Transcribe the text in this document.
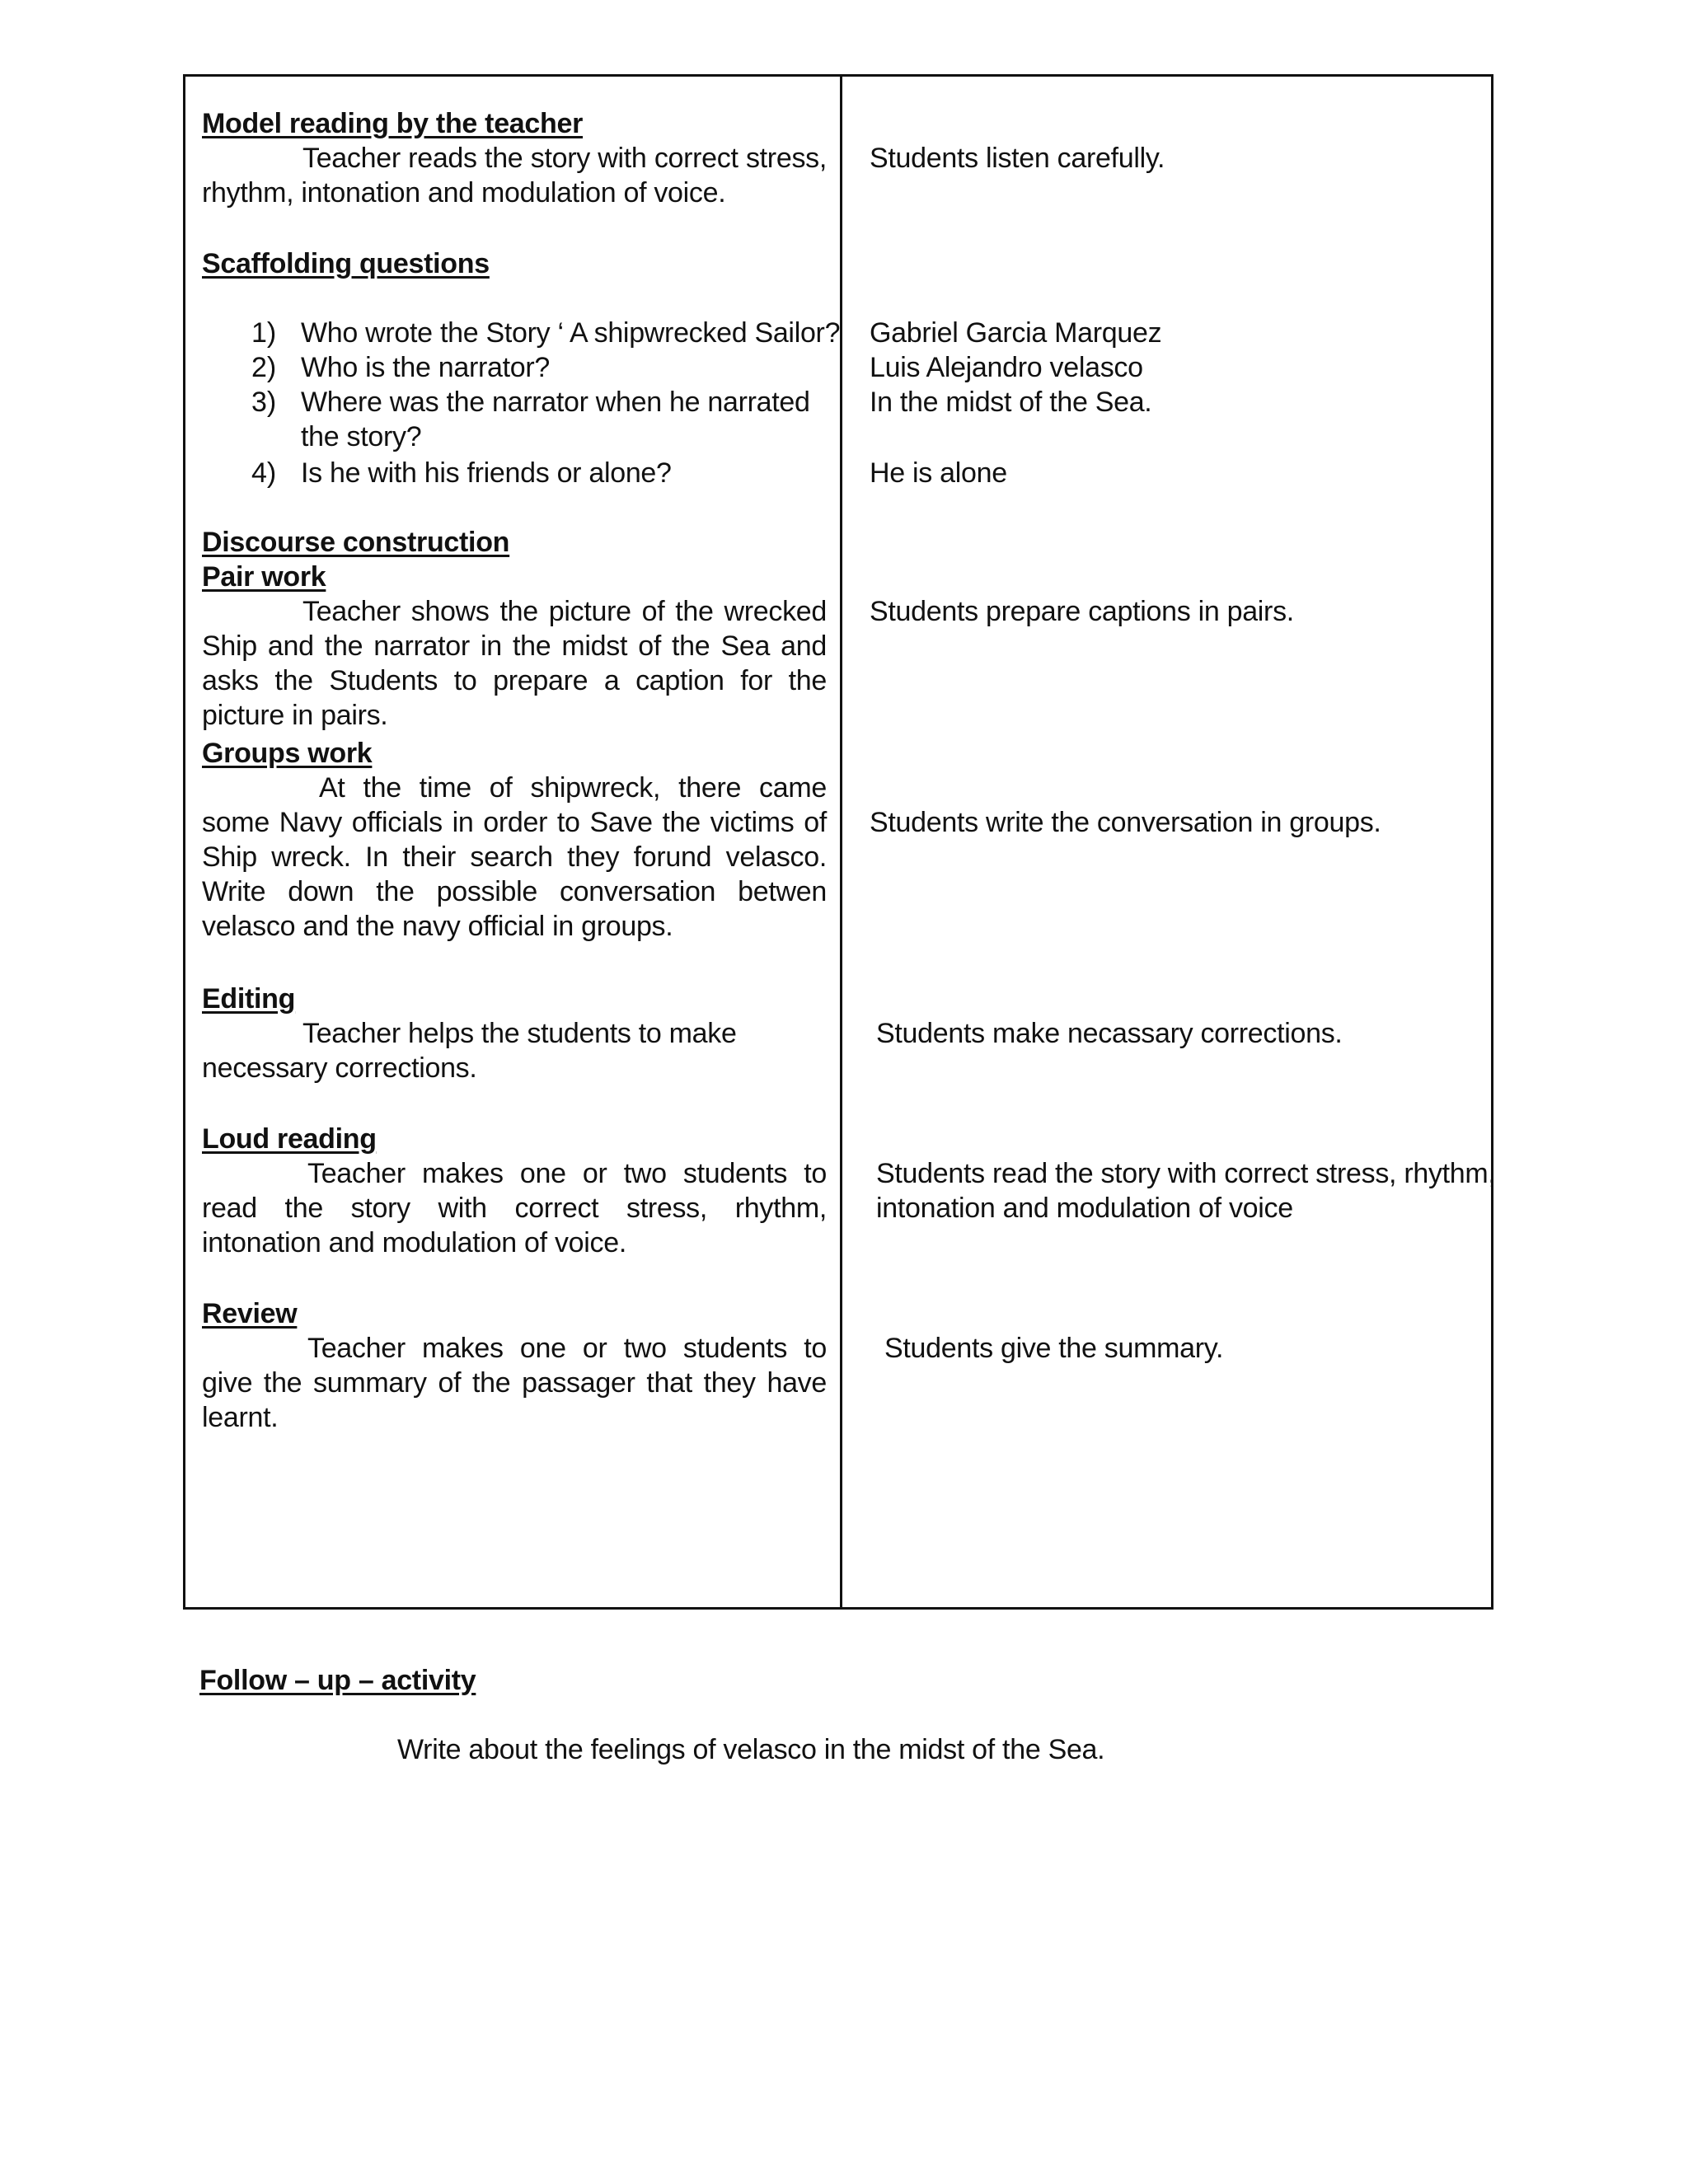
Model reading by the teacher
Teacher reads the story with correct stress, rhythm, intonation and modulation of voice.
Scaffolding questions
1) Who wrote the Story ‘ A shipwrecked Sailor?
2) Who is the narrator?
3) Where was the narrator when he narrated the story?
4) Is he with his friends or alone?
Discourse construction
Pair work
Teacher shows the picture of the wrecked Ship and the narrator in the midst of the Sea and asks the Students to prepare a caption for the picture in pairs.
Groups work
At the time of shipwreck, there came some Navy officials in order to Save the victims of Ship wreck. In their search they forund velasco. Write down the possible conversation betwen velasco and the navy official in groups.
Editing
Teacher helps the students to make
necessary corrections.
Loud reading
Teacher makes one or two students to read the story with correct stress, rhythm, intonation and modulation of voice.
Review
Teacher makes one or two students to give the summary of the passager that they have learnt.
Students listen carefully.
Gabriel Garcia Marquez
Luis Alejandro velasco
In the midst of the Sea.
He is alone
Students prepare captions in pairs.
Students write the conversation in groups.
Students make necassary corrections.
Students read the story with correct stress, rhythm,
intonation and modulation of voice
Students give the summary.
Follow – up – activity
Write about the feelings of velasco in the midst of the Sea.
